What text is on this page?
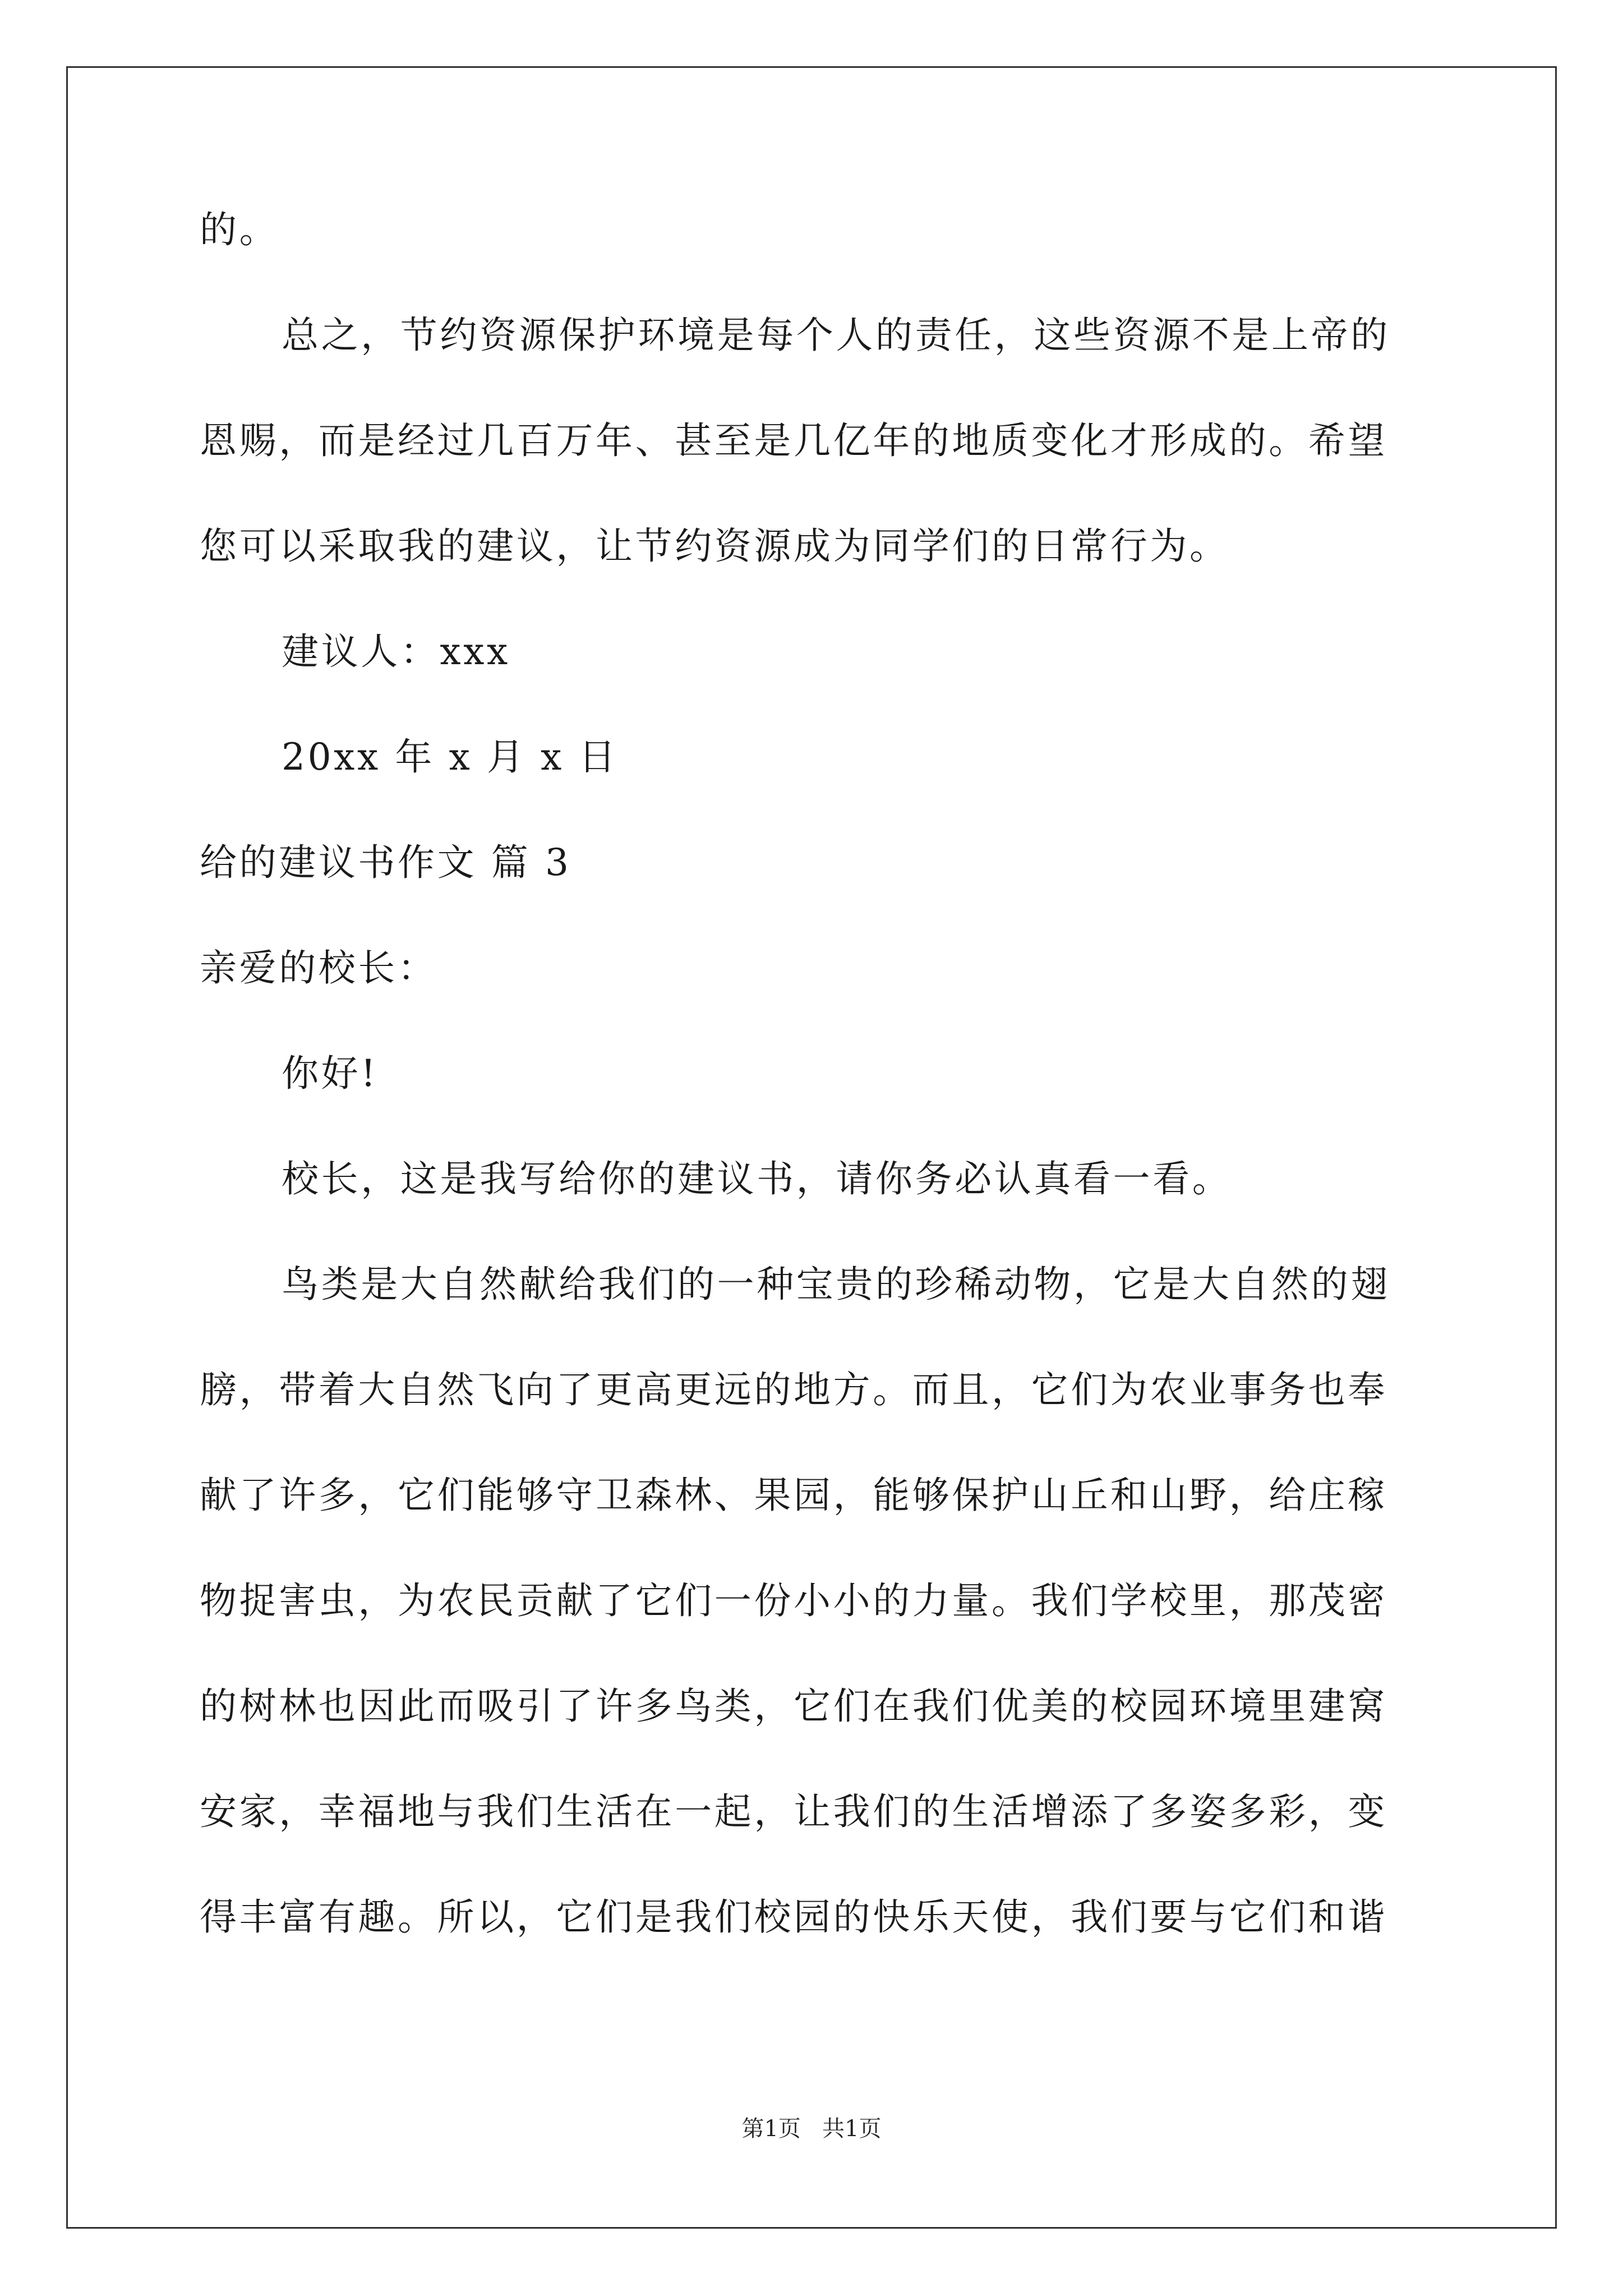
的。
总之，节约资源保护环境是每个人的责任，这些资源不是上帝的
恩赐，而是经过几百万年、甚至是几亿年的地质变化才形成的。希望
您可以采取我的建议，让节约资源成为同学们的日常行为。
建议人：xxx
20xx 年 x 月 x 日
给的建议书作文 篇 3
亲爱的校长：
你好!
校长，这是我写给你的建议书，请你务必认真看一看。
鸟类是大自然献给我们的一种宝贵的珍稀动物，它是大自然的翅
膀，带着大自然飞向了更高更远的地方。而且，它们为农业事务也奉
献了许多，它们能够守卫森林、果园，能够保护山丘和山野，给庄稼
物捉害虫，为农民贡献了它们一份小小的力量。我们学校里，那茂密
的树林也因此而吸引了许多鸟类，它们在我们优美的校园环境里建窝
安家，幸福地与我们生活在一起，让我们的生活增添了多姿多彩，变
得丰富有趣。所以，它们是我们校园的快乐天使，我们要与它们和谐
第1页   共1页
